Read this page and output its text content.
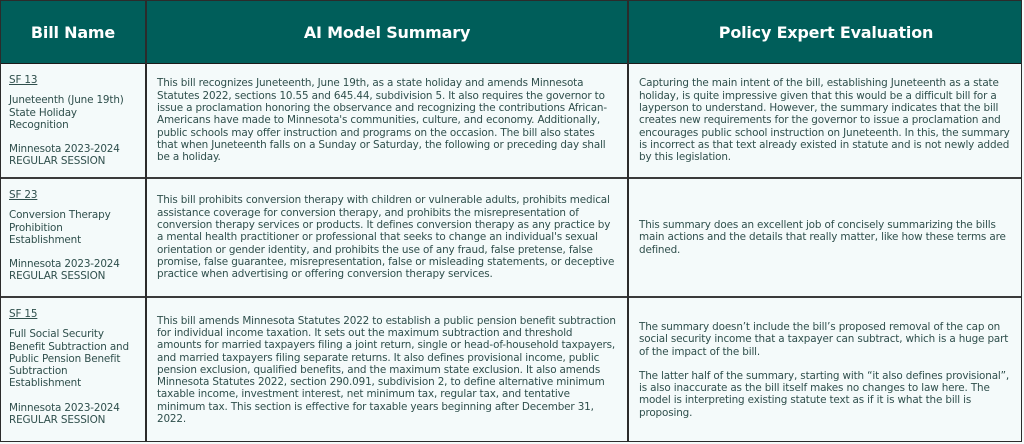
Bill Name	AI Model Summary	Policy Expert Evaluation
SF 13
Juneteenth (June 19th) State Holiday Recognition
Minnesota 2023-2024
REGULAR SESSION
This bill recognizes Juneteenth, June 19th, as a state holiday and amends Minnesota Statutes 2022, sections 10.55 and 645.44, subdivision 5. It also requires the governor to issue a proclamation honoring the observance and recognizing the contributions African-Americans have made to Minnesota's communities, culture, and economy. Additionally, public schools may offer instruction and programs on the occasion. The bill also states that when Juneteenth falls on a Sunday or Saturday, the following or preceding day shall be a holiday.
Capturing the main intent of the bill, establishing Juneteenth as a state holiday, is quite impressive given that this would be a difficult bill for a layperson to understand. However, the summary indicates that the bill creates new requirements for the governor to issue a proclamation and encourages public school instruction on Juneteenth. In this, the summary is incorrect as that text already existed in statute and is not newly added by this legislation.
SF 23
Conversion Therapy Prohibition Establishment
Minnesota 2023-2024
REGULAR SESSION
This bill prohibits conversion therapy with children or vulnerable adults, prohibits medical assistance coverage for conversion therapy, and prohibits the misrepresentation of conversion therapy services or products. It defines conversion therapy as any practice by a mental health practitioner or professional that seeks to change an individual's sexual orientation or gender identity, and prohibits the use of any fraud, false pretense, false promise, false guarantee, misrepresentation, false or misleading statements, or deceptive practice when advertising or offering conversion therapy services.
This summary does an excellent job of concisely summarizing the bills main actions and the details that really matter, like how these terms are defined.
SF 15
Full Social Security Benefit Subtraction and Public Pension Benefit Subtraction Establishment
Minnesota 2023-2024
REGULAR SESSION
This bill amends Minnesota Statutes 2022 to establish a public pension benefit subtraction for individual income taxation. It sets out the maximum subtraction and threshold amounts for married taxpayers filing a joint return, single or head-of-household taxpayers, and married taxpayers filing separate returns. It also defines provisional income, public pension exclusion, qualified benefits, and the maximum state exclusion. It also amends Minnesota Statutes 2022, section 290.091, subdivision 2, to define alternative minimum taxable income, investment interest, net minimum tax, regular tax, and tentative minimum tax. This section is effective for taxable years beginning after December 31, 2022.
The summary doesn’t include the bill’s proposed removal of the cap on social security income that a taxpayer can subtract, which is a huge part of the impact of the bill.
The latter half of the summary, starting with “it also defines provisional”, is also inaccurate as the bill itself makes no changes to law here. The model is interpreting existing statute text as if it is what the bill is proposing.
